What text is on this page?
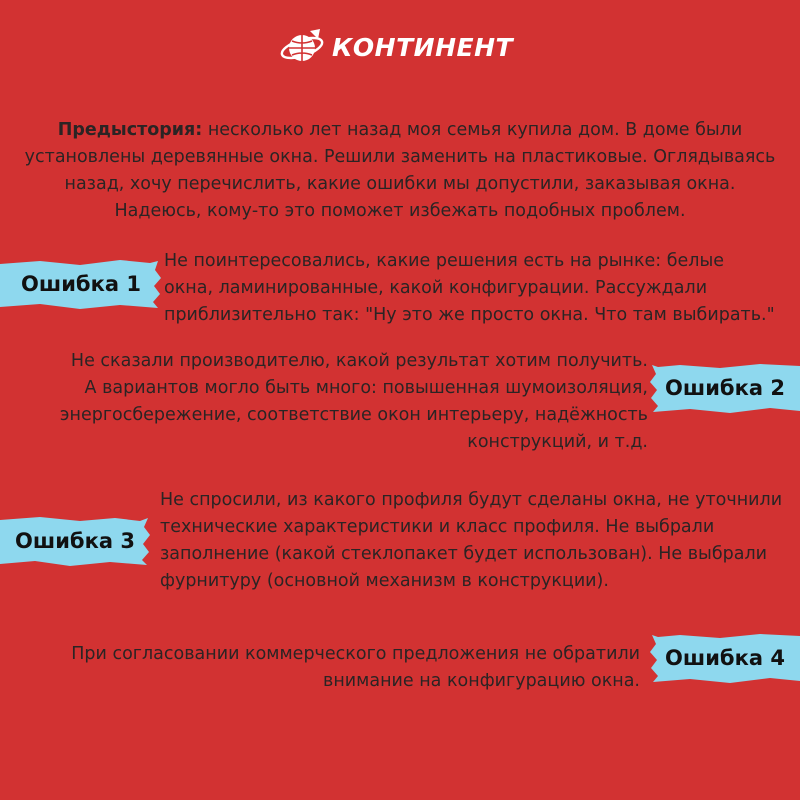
КОНТИНЕНТ
Предыстория: несколько лет назад моя семья купила дом. В доме были
установлены деревянные окна. Решили заменить на пластиковые. Оглядываясь
назад, хочу перечислить, какие ошибки мы допустили, заказывая окна.
Надеюсь, кому-то это поможет избежать подобных проблем.
Ошибка 1
Не поинтересовались, какие решения есть на рынке: белые
окна, ламинированные, какой конфигурации. Рассуждали
приблизительно так: "Ну это же просто окна. Что там выбирать."
Не сказали производителю, какой результат хотим получить.
А вариантов могло быть много: повышенная шумоизоляция,
энергосбережение, соответствие окон интерьеру, надёжность
конструкций, и т.д.
Ошибка 2
Ошибка 3
Не спросили, из какого профиля будут сделаны окна, не уточнили
технические характеристики и класс профиля. Не выбрали
заполнение (какой стеклопакет будет использован). Не выбрали
фурнитуру (основной механизм в конструкции).
При согласовании коммерческого предложения не обратили
внимание на конфигурацию окна.
Ошибка 4
